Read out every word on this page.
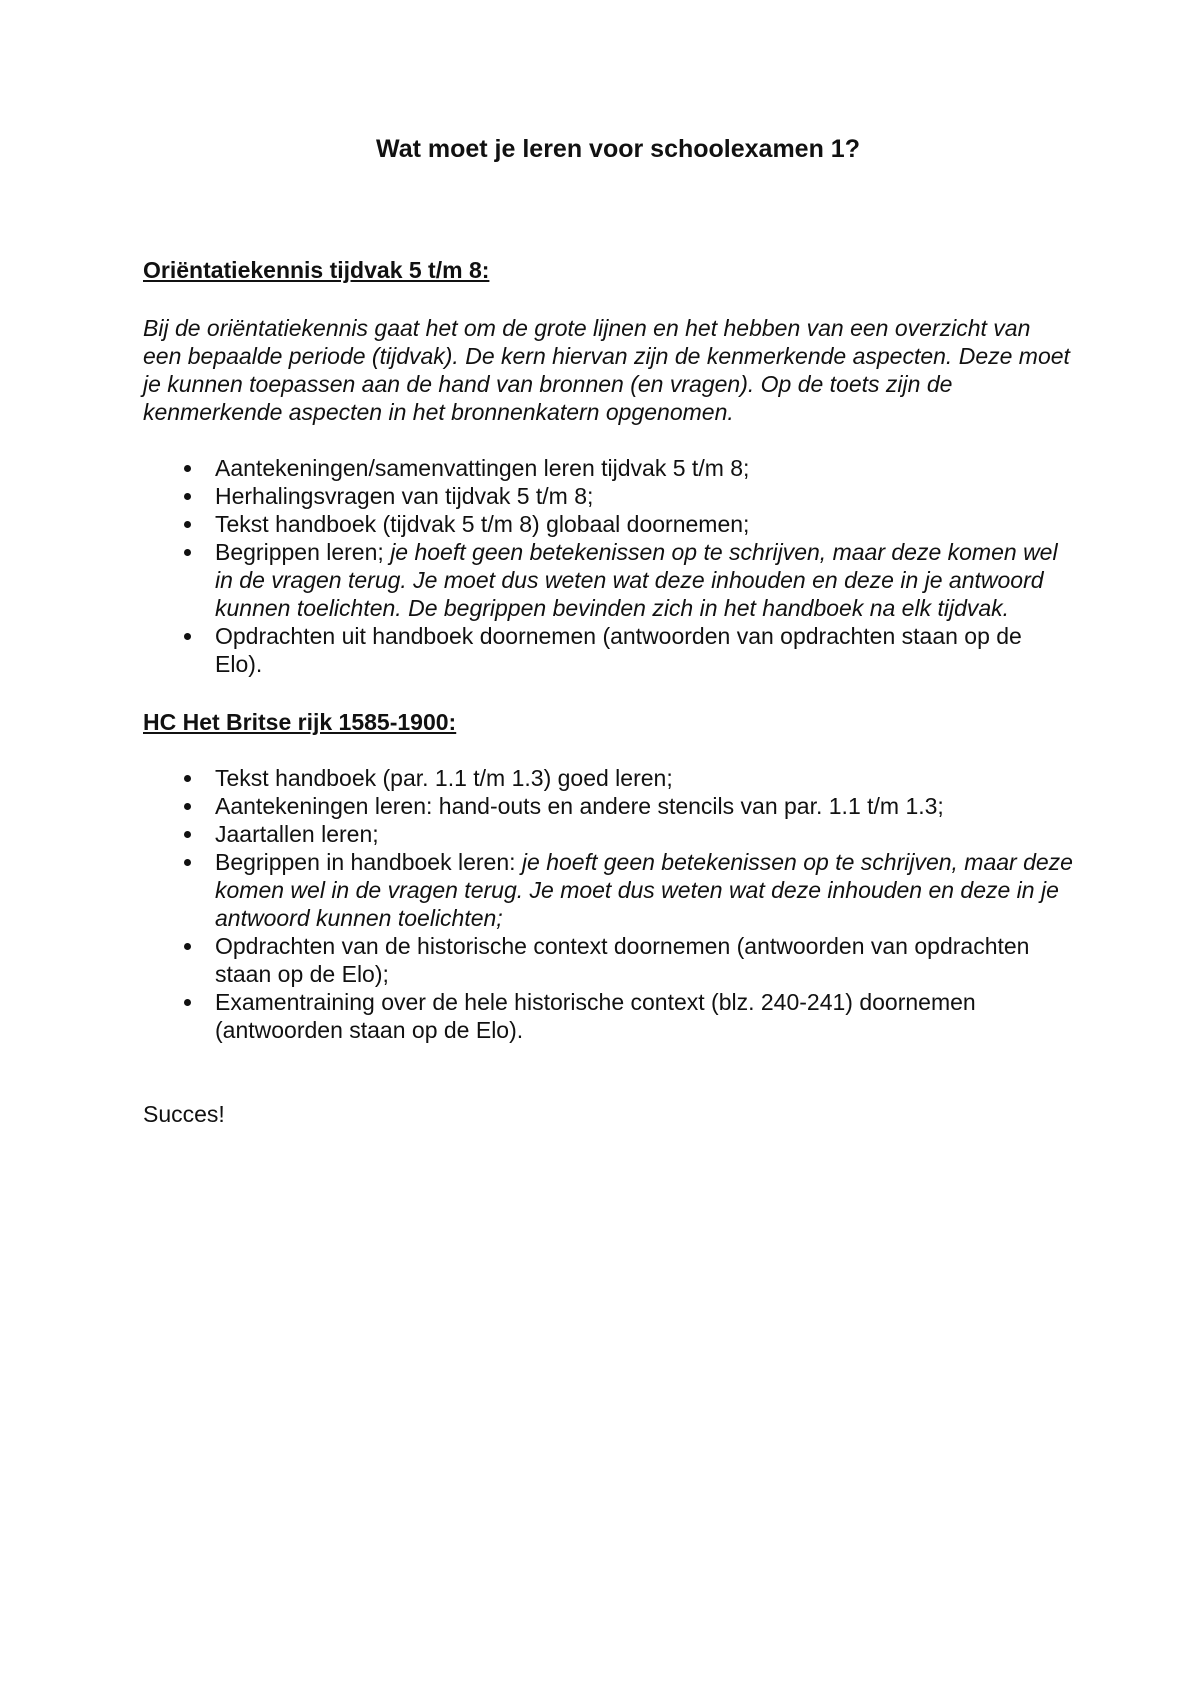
Wat moet je leren voor schoolexamen 1?

Oriëntatiekennis tijdvak 5 t/m 8:

Bij de oriëntatiekennis gaat het om de grote lijnen en het hebben van een overzicht van een bepaalde periode (tijdvak). De kern hiervan zijn de kenmerkende aspecten. Deze moet je kunnen toepassen aan de hand van bronnen (en vragen). Op de toets zijn de kenmerkende aspecten in het bronnenkatern opgenomen.

Aantekeningen/samenvattingen leren tijdvak 5 t/m 8;
Herhalingsvragen van tijdvak 5 t/m 8;
Tekst handboek (tijdvak 5 t/m 8) globaal doornemen;
Begrippen leren; je hoeft geen betekenissen op te schrijven, maar deze komen wel in de vragen terug. Je moet dus weten wat deze inhouden en deze in je antwoord kunnen toelichten. De begrippen bevinden zich in het handboek na elk tijdvak.
Opdrachten uit handboek doornemen (antwoorden van opdrachten staan op de Elo).

HC Het Britse rijk 1585-1900:

Tekst handboek (par. 1.1 t/m 1.3) goed leren;
Aantekeningen leren: hand-outs en andere stencils van par. 1.1 t/m 1.3;
Jaartallen leren;
Begrippen in handboek leren: je hoeft geen betekenissen op te schrijven, maar deze komen wel in de vragen terug. Je moet dus weten wat deze inhouden en deze in je antwoord kunnen toelichten;
Opdrachten van de historische context doornemen (antwoorden van opdrachten staan op de Elo);
Examentraining over de hele historische context (blz. 240-241) doornemen (antwoorden staan op de Elo).

Succes!
